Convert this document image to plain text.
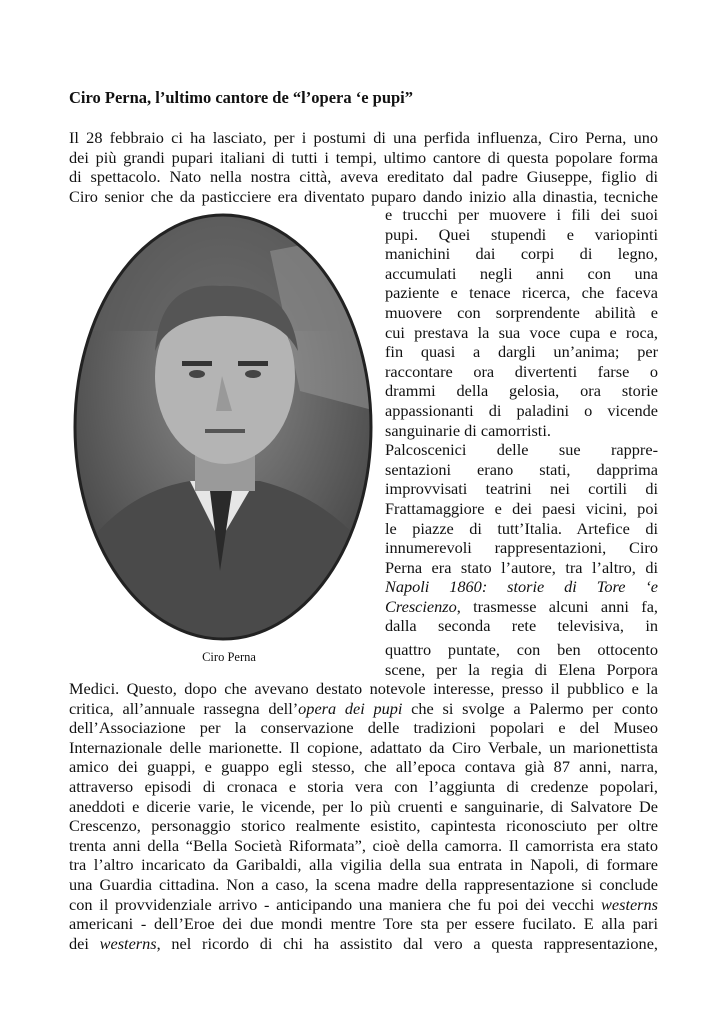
Ciro Perna, l’ultimo cantore de “l’opera ‘e pupi”
Il 28 febbraio ci ha lasciato, per i postumi di una perfida influenza, Ciro Perna, uno
dei più grandi pupari italiani di tutti i tempi, ultimo cantore di questa popolare forma
di spettacolo. Nato nella nostra città, aveva ereditato dal padre Giuseppe, figlio di
Ciro senior che da pasticciere era diventato puparo dando inizio alla dinastia, tecniche
Ciro Perna
e trucchi per muovere i fili dei suoi
pupi. Quei stupendi e variopinti
manichini dai corpi di legno,
accumulati negli anni con una
paziente e tenace ricerca, che faceva
muovere con sorprendente abilità e
cui prestava la sua voce cupa e roca,
fin quasi a dargli un’anima; per
raccontare ora divertenti farse o
drammi della gelosia, ora storie
appassionanti di paladini o vicende
sanguinarie di camorristi.
Palcoscenici delle sue rappre-
sentazioni erano stati, dapprima
improvvisati teatrini nei cortili di
Frattamaggiore e dei paesi vicini, poi
le piazze di tutt’Italia. Artefice di
innumerevoli rappresentazioni, Ciro
Perna era stato l’autore, tra l’altro, di
Napoli 1860: storie di Tore ‘e
Crescienzo, trasmesse alcuni anni fa,
dalla seconda rete televisiva, in
quattro puntate, con ben ottocento
scene, per la regia di Elena Porpora
Medici. Questo, dopo che avevano destato notevole interesse, presso il pubblico e la
critica, all’annuale rassegna dell’opera dei pupi che si svolge a Palermo per conto
dell’Associazione per la conservazione delle tradizioni popolari e del Museo
Internazionale delle marionette. Il copione, adattato da Ciro Verbale, un marionettista
amico dei guappi, e guappo egli stesso, che all’epoca contava già 87 anni, narra,
attraverso episodi di cronaca e storia vera con l’aggiunta di credenze popolari,
aneddoti e dicerie varie, le vicende, per lo più cruenti e sanguinarie, di Salvatore De
Crescenzo, personaggio storico realmente esistito, capintesta riconosciuto per oltre
trenta anni della “Bella Società Riformata”, cioè della camorra. Il camorrista era stato
tra l’altro incaricato da Garibaldi, alla vigilia della sua entrata in Napoli, di formare
una Guardia cittadina. Non a caso, la scena madre della rappresentazione si conclude
con il provvidenziale arrivo - anticipando una maniera che fu poi dei vecchi westerns
americani - dell’Eroe dei due mondi mentre Tore sta per essere fucilato. E alla pari
dei westerns, nel ricordo di chi ha assistito dal vero a questa rappresentazione,
